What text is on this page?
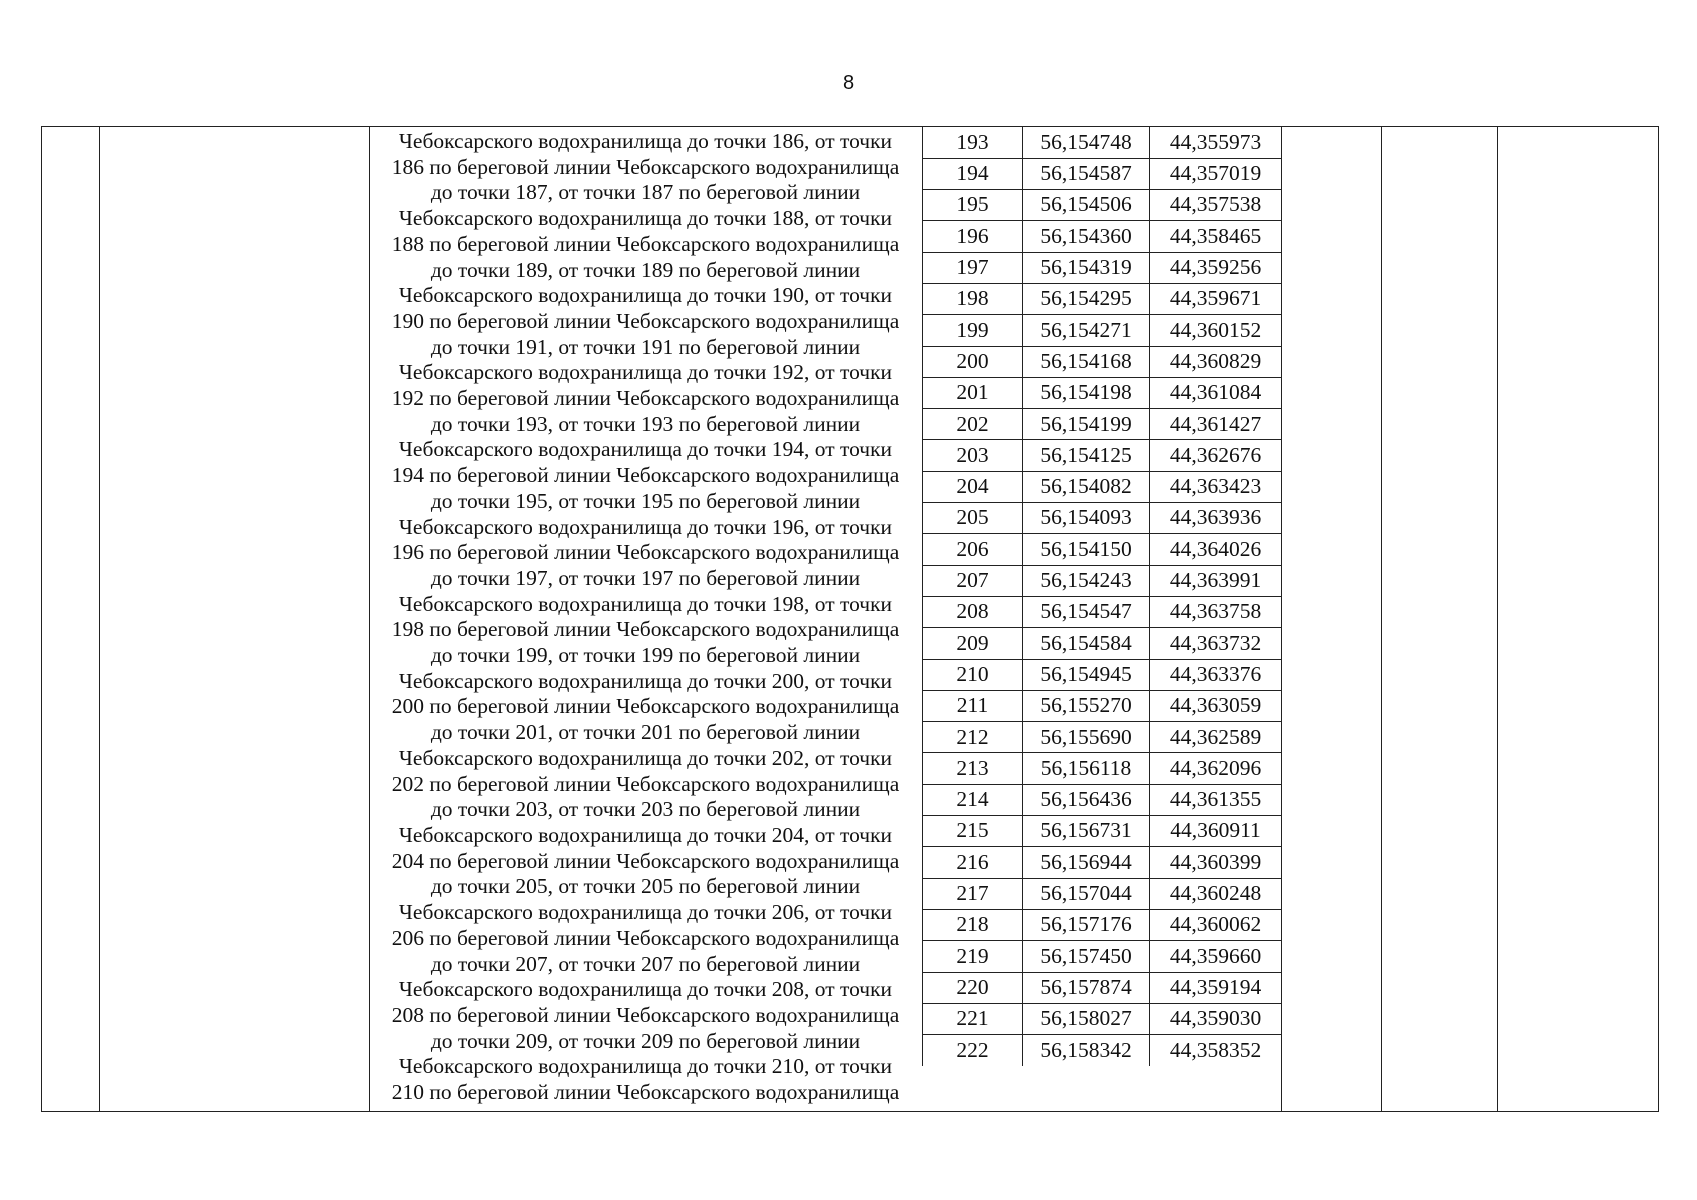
8
Чебоксарского водохранилища до точки 186, от точки
186 по береговой линии Чебоксарского водохранилища
до точки 187, от точки 187 по береговой линии
Чебоксарского водохранилища до точки 188, от точки
188 по береговой линии Чебоксарского водохранилища
до точки 189, от точки 189 по береговой линии
Чебоксарского водохранилища до точки 190, от точки
190 по береговой линии Чебоксарского водохранилища
до точки 191, от точки 191 по береговой линии
Чебоксарского водохранилища до точки 192, от точки
192 по береговой линии Чебоксарского водохранилища
до точки 193, от точки 193 по береговой линии
Чебоксарского водохранилища до точки 194, от точки
194 по береговой линии Чебоксарского водохранилища
до точки 195, от точки 195 по береговой линии
Чебоксарского водохранилища до точки 196, от точки
196 по береговой линии Чебоксарского водохранилища
до точки 197, от точки 197 по береговой линии
Чебоксарского водохранилища до точки 198, от точки
198 по береговой линии Чебоксарского водохранилища
до точки 199, от точки 199 по береговой линии
Чебоксарского водохранилища до точки 200, от точки
200 по береговой линии Чебоксарского водохранилища
до точки 201, от точки 201 по береговой линии
Чебоксарского водохранилища до точки 202, от точки
202 по береговой линии Чебоксарского водохранилища
до точки 203, от точки 203 по береговой линии
Чебоксарского водохранилища до точки 204, от точки
204 по береговой линии Чебоксарского водохранилища
до точки 205, от точки 205 по береговой линии
Чебоксарского водохранилища до точки 206, от точки
206 по береговой линии Чебоксарского водохранилища
до точки 207, от точки 207 по береговой линии
Чебоксарского водохранилища до точки 208, от точки
208 по береговой линии Чебоксарского водохранилища
до точки 209, от точки 209 по береговой линии
Чебоксарского водохранилища до точки 210, от точки
210 по береговой линии Чебоксарского водохранилища
193	56,154748	44,355973
194	56,154587	44,357019
195	56,154506	44,357538
196	56,154360	44,358465
197	56,154319	44,359256
198	56,154295	44,359671
199	56,154271	44,360152
200	56,154168	44,360829
201	56,154198	44,361084
202	56,154199	44,361427
203	56,154125	44,362676
204	56,154082	44,363423
205	56,154093	44,363936
206	56,154150	44,364026
207	56,154243	44,363991
208	56,154547	44,363758
209	56,154584	44,363732
210	56,154945	44,363376
211	56,155270	44,363059
212	56,155690	44,362589
213	56,156118	44,362096
214	56,156436	44,361355
215	56,156731	44,360911
216	56,156944	44,360399
217	56,157044	44,360248
218	56,157176	44,360062
219	56,157450	44,359660
220	56,157874	44,359194
221	56,158027	44,359030
222	56,158342	44,358352
